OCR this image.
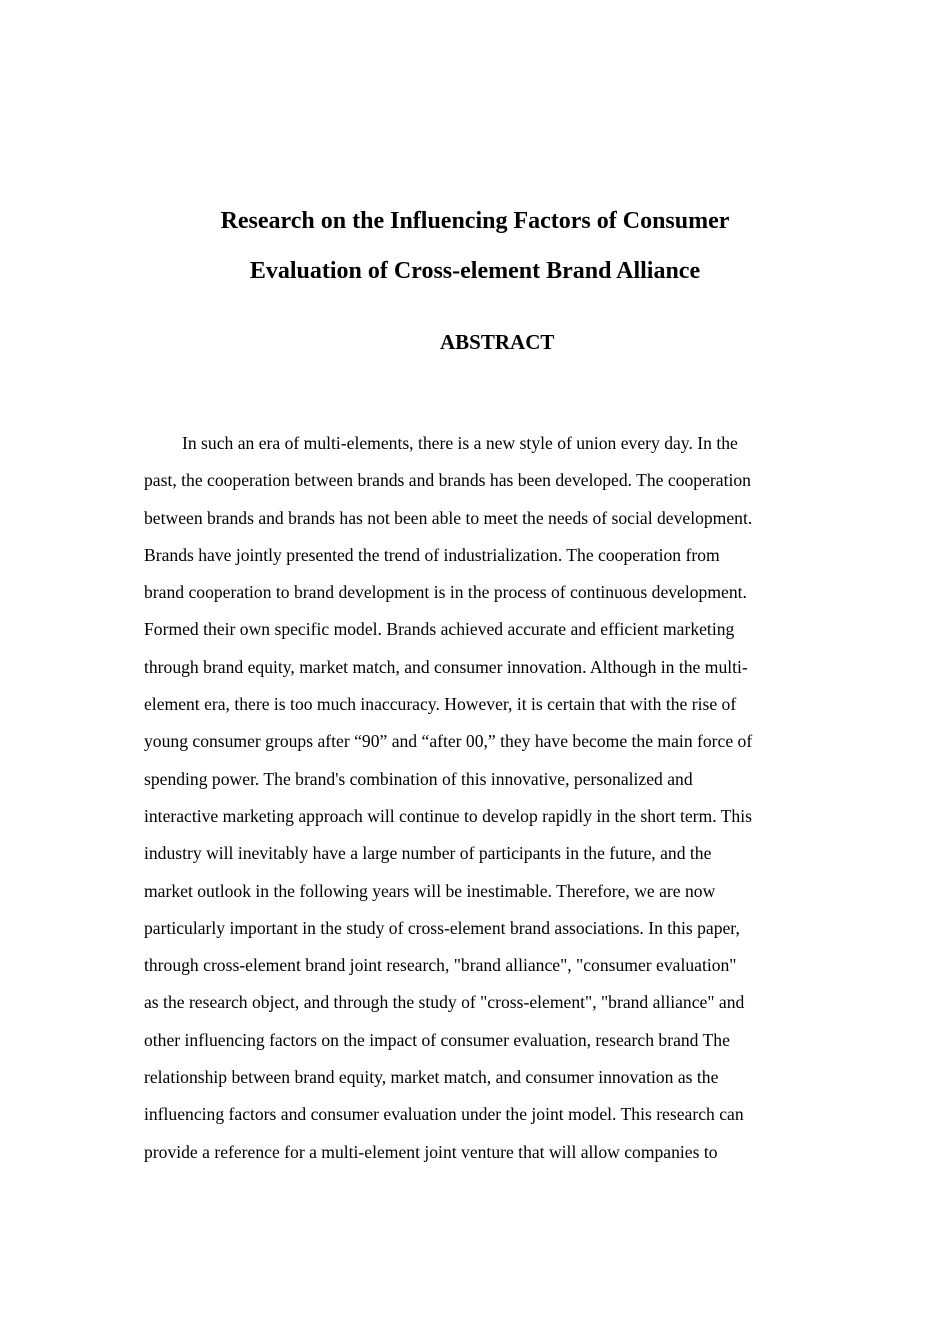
Research on the Influencing Factors of Consumer
Evaluation of Cross-element Brand Alliance
ABSTRACT
In such an era of multi-elements, there is a new style of union every day. In the
past, the cooperation between brands and brands has been developed. The cooperation
between brands and brands has not been able to meet the needs of social development.
Brands have jointly presented the trend of industrialization. The cooperation from
brand cooperation to brand development is in the process of continuous development.
Formed their own specific model. Brands achieved accurate and efficient marketing
through brand equity, market match, and consumer innovation. Although in the multi-
element era, there is too much inaccuracy. However, it is certain that with the rise of
young consumer groups after “90” and “after 00,” they have become the main force of
spending power. The brand's combination of this innovative, personalized and
interactive marketing approach will continue to develop rapidly in the short term. This
industry will inevitably have a large number of participants in the future, and the
market outlook in the following years will be inestimable. Therefore, we are now
particularly important in the study of cross-element brand associations. In this paper,
through cross-element brand joint research, "brand alliance", "consumer evaluation"
as the research object, and through the study of "cross-element", "brand alliance" and
other influencing factors on the impact of consumer evaluation, research brand The
relationship between brand equity, market match, and consumer innovation as the
influencing factors and consumer evaluation under the joint model. This research can
provide a reference for a multi-element joint venture that will allow companies to
